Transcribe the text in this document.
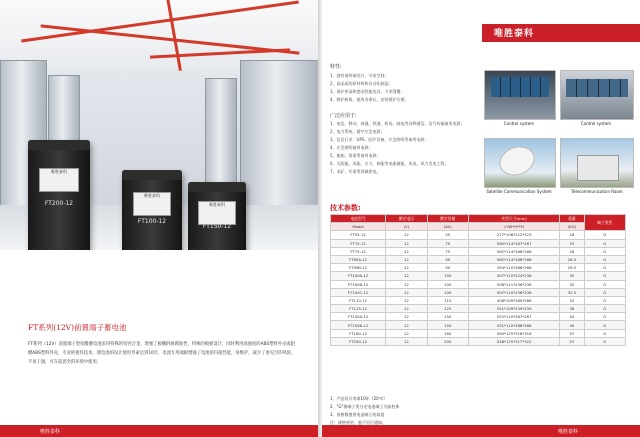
唯胜泰科
FT200-12
唯胜泰科
FT100-12
唯胜泰科
FT150-12
FT系列(12V)前置端子蓄电池
FT系列（12V）前置端子型铅酸蓄电池采用特殊的铅钙合金，增强了板栅的耐腐蚀性，特殊的极板设计，同时利用高强度的ABS塑料外壳或阻燃ABS塑料外壳，专业的密封技术，使电池的设计使用寿命达到10年，电池专用端板增强了电池的内阻性能，易维护，减少了参见空的风险，不易干涸，可在较恶劣的环境中使用。
唯胜泰科
唯胜泰科
特性:
1、独有前终端设计，节省空间；
2、高品质的原材料和自动化制造；
3、保护更深和密闭性能优异，力更强覆；
4、维护极简、使用寿命长、安装维护方便；
广泛应用于:
1、电信、移动、网通、铁通、机场、邮电等各种通信、信号传输备用电源；
2、电力系统、楼宇应急电源；
3、信息行业：UPS、医疗设备、应急照明等备用电源；
4、应急照明备用电源；
5、船舶、海事等备用电源；
6、太阳能、风能、火力、核能等电能储能、风电、风力发电工程；
7、采矿、军事等领域供电。
Control system	Control system
Satellite Communication System	Telecommunication Room
技术参数:
电池型号	额定电压	额定容量	外型尺寸(mm)	重量	端子类型
Model	(V)	(Ah)	L*W*H*TH	(KG)	
FT55-12	12	55	277*106*222*223	18	G
FT70-12	12	70	560*114*187*187	25	G
FT75-12	12	75	562*114*188*188	26	G
FT90A-12	12	90	562*114*188*188	26.5	G
FT90B-12	12	90	394*110*286*286	29.5	G
FT100A-12	12	100	507*110*224*236	30	G
FT100B-12	12	100	508*111*236*236	30	G
FT100C-12	12	100	507*110*236*236	32.5	G
FT110-12	12	110	408*109*280*286	33	G
FT125-12	12	125	551*109*239*239	38	G
FT150A-12	12	150	552*110*287*287	44	G
FT150B-12	12	150	551*110*286*286	49	G
FT180-12	12	180	560*125*316*316	57	G
FT200-12	12	200	548*125*317*322	57	G
1、产品设计寿命10年（20℃）
2、"G"指端子类分定电池端子为前柱体
3、表格数值用电池端子的高度
注：规格变更，恕不另行通知。
唯胜泰科
